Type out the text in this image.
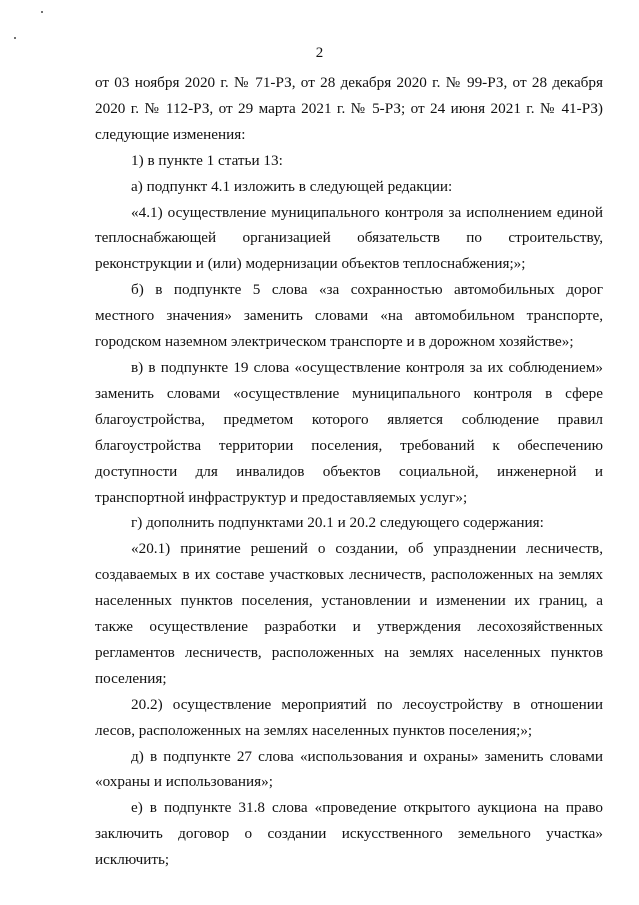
2

от 03 ноября 2020 г. № 71-РЗ, от 28 декабря 2020 г. № 99-РЗ, от 28 декабря 2020 г. № 112-РЗ, от 29 марта 2021 г. № 5-РЗ; от 24 июня 2021 г. № 41-РЗ) следующие изменения:

1) в пункте 1 статьи 13:

а) подпункт 4.1 изложить в следующей редакции:

«4.1) осуществление муниципального контроля за исполнением единой теплоснабжающей организацией обязательств по строительству, реконструкции и (или) модернизации объектов теплоснабжения;»;

б) в подпункте 5 слова «за сохранностью автомобильных дорог местного значения» заменить словами «на автомобильном транспорте, городском наземном электрическом транспорте и в дорожном хозяйстве»;

в) в подпункте 19 слова «осуществление контроля за их соблюдением» заменить словами «осуществление муниципального контроля в сфере благоустройства, предметом которого является соблюдение правил благоустройства территории поселения, требований к обеспечению доступности для инвалидов объектов социальной, инженерной и транспортной инфраструктур и предоставляемых услуг»;

г) дополнить подпунктами 20.1 и 20.2 следующего содержания:

«20.1) принятие решений о создании, об упразднении лесничеств, создаваемых в их составе участковых лесничеств, расположенных на землях населенных пунктов поселения, установлении и изменении их границ, а также осуществление разработки и утверждения лесохозяйственных регламентов лесничеств, расположенных на землях населенных пунктов поселения;

20.2) осуществление мероприятий по лесоустройству в отношении лесов, расположенных на землях населенных пунктов поселения;»;

д) в подпункте 27 слова «использования и охраны» заменить словами «охраны и использования»;

е) в подпункте 31.8 слова «проведение открытого аукциона на право заключить договор о создании искусственного земельного участка» исключить;
